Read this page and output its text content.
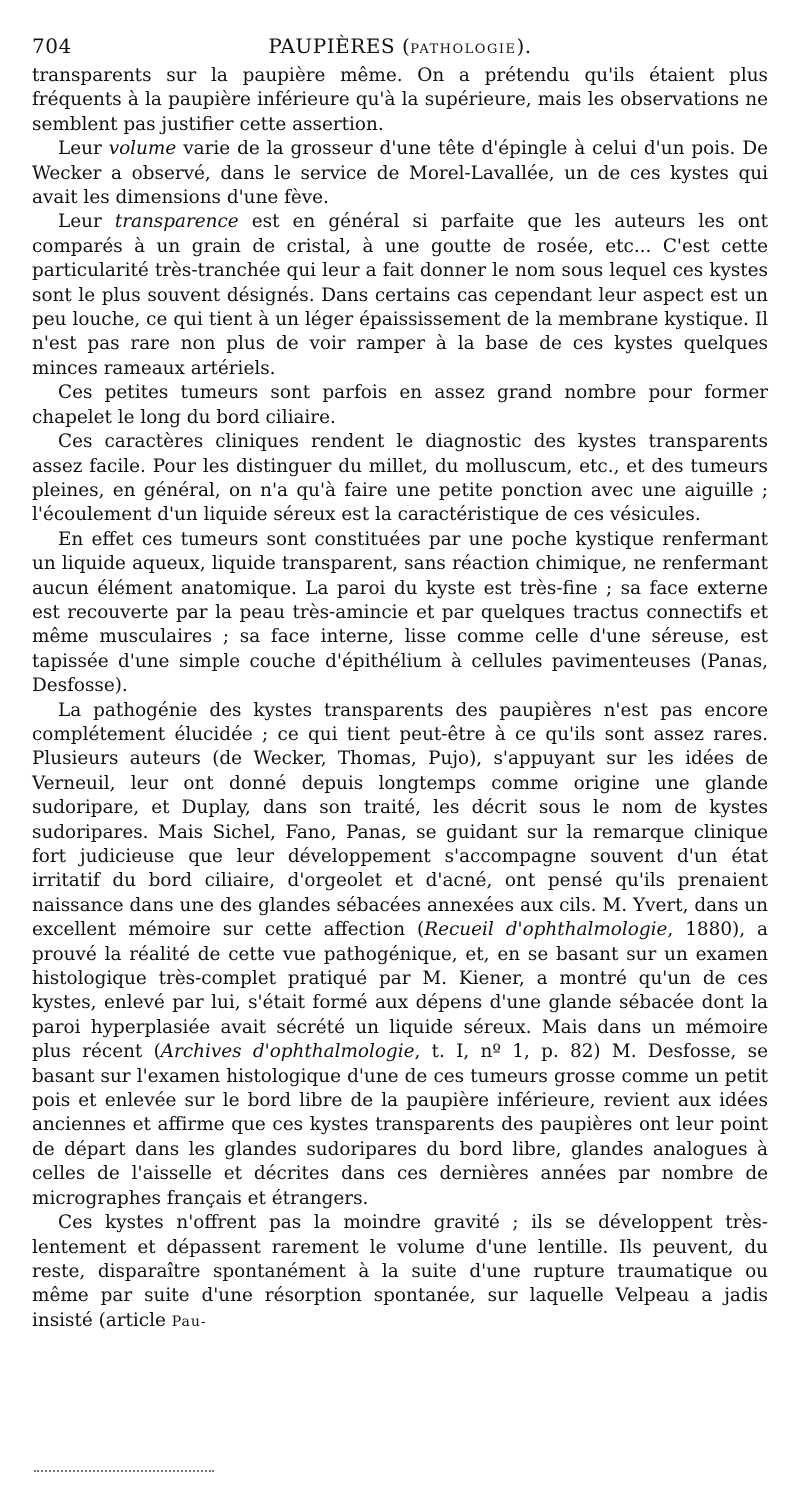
704	PAUPIÈRES (PATHOLOGIE).

transparents sur la paupière même. On a prétendu qu'ils étaient plus fréquents à la paupière inférieure qu'à la supérieure, mais les observations ne semblent pas justifier cette assertion.

Leur volume varie de la grosseur d'une tête d'épingle à celui d'un pois. De Wecker a observé, dans le service de Morel-Lavallée, un de ces kystes qui avait les dimensions d'une fève.

Leur transparence est en général si parfaite que les auteurs les ont comparés à un grain de cristal, à une goutte de rosée, etc... C'est cette particularité très-tranchée qui leur a fait donner le nom sous lequel ces kystes sont le plus souvent désignés. Dans certains cas cependant leur aspect est un peu louche, ce qui tient à un léger épaississement de la membrane kystique. Il n'est pas rare non plus de voir ramper à la base de ces kystes quelques minces rameaux artériels.

Ces petites tumeurs sont parfois en assez grand nombre pour former chapelet le long du bord ciliaire.

Ces caractères cliniques rendent le diagnostic des kystes transparents assez facile. Pour les distinguer du millet, du molluscum, etc., et des tumeurs pleines, en général, on n'a qu'à faire une petite ponction avec une aiguille ; l'écoulement d'un liquide séreux est la caractéristique de ces vésicules.

En effet ces tumeurs sont constituées par une poche kystique renfermant un liquide aqueux, liquide transparent, sans réaction chimique, ne renfermant aucun élément anatomique. La paroi du kyste est très-fine ; sa face externe est recouverte par la peau très-amincie et par quelques tractus connectifs et même musculaires ; sa face interne, lisse comme celle d'une séreuse, est tapissée d'une simple couche d'épithélium à cellules pavimenteuses (Panas, Desfosse).

La pathogénie des kystes transparents des paupières n'est pas encore complétement élucidée ; ce qui tient peut-être à ce qu'ils sont assez rares. Plusieurs auteurs (de Wecker, Thomas, Pujo), s'appuyant sur les idées de Verneuil, leur ont donné depuis longtemps comme origine une glande sudoripare, et Duplay, dans son traité, les décrit sous le nom de kystes sudoripares. Mais Sichel, Fano, Panas, se guidant sur la remarque clinique fort judicieuse que leur développement s'accompagne souvent d'un état irritatif du bord ciliaire, d'orgeolet et d'acné, ont pensé qu'ils prenaient naissance dans une des glandes sébacées annexées aux cils. M. Yvert, dans un excellent mémoire sur cette affection (Recueil d'ophthalmologie, 1880), a prouvé la réalité de cette vue pathogénique, et, en se basant sur un examen histologique très-complet pratiqué par M. Kiener, a montré qu'un de ces kystes, enlevé par lui, s'était formé aux dépens d'une glande sébacée dont la paroi hyperplasiée avait sécrété un liquide séreux. Mais dans un mémoire plus récent (Archives d'ophthalmologie, t. I, nº 1, p. 82) M. Desfosse, se basant sur l'examen histologique d'une de ces tumeurs grosse comme un petit pois et enlevée sur le bord libre de la paupière inférieure, revient aux idées anciennes et affirme que ces kystes transparents des paupières ont leur point de départ dans les glandes sudoripares du bord libre, glandes analogues à celles de l'aisselle et décrites dans ces dernières années par nombre de micrographes français et étrangers.

Ces kystes n'offrent pas la moindre gravité ; ils se développent très-lentement et dépassent rarement le volume d'une lentille. Ils peuvent, du reste, disparaître spontanément à la suite d'une rupture traumatique ou même par suite d'une résorption spontanée, sur laquelle Velpeau a jadis insisté (article Pau-
